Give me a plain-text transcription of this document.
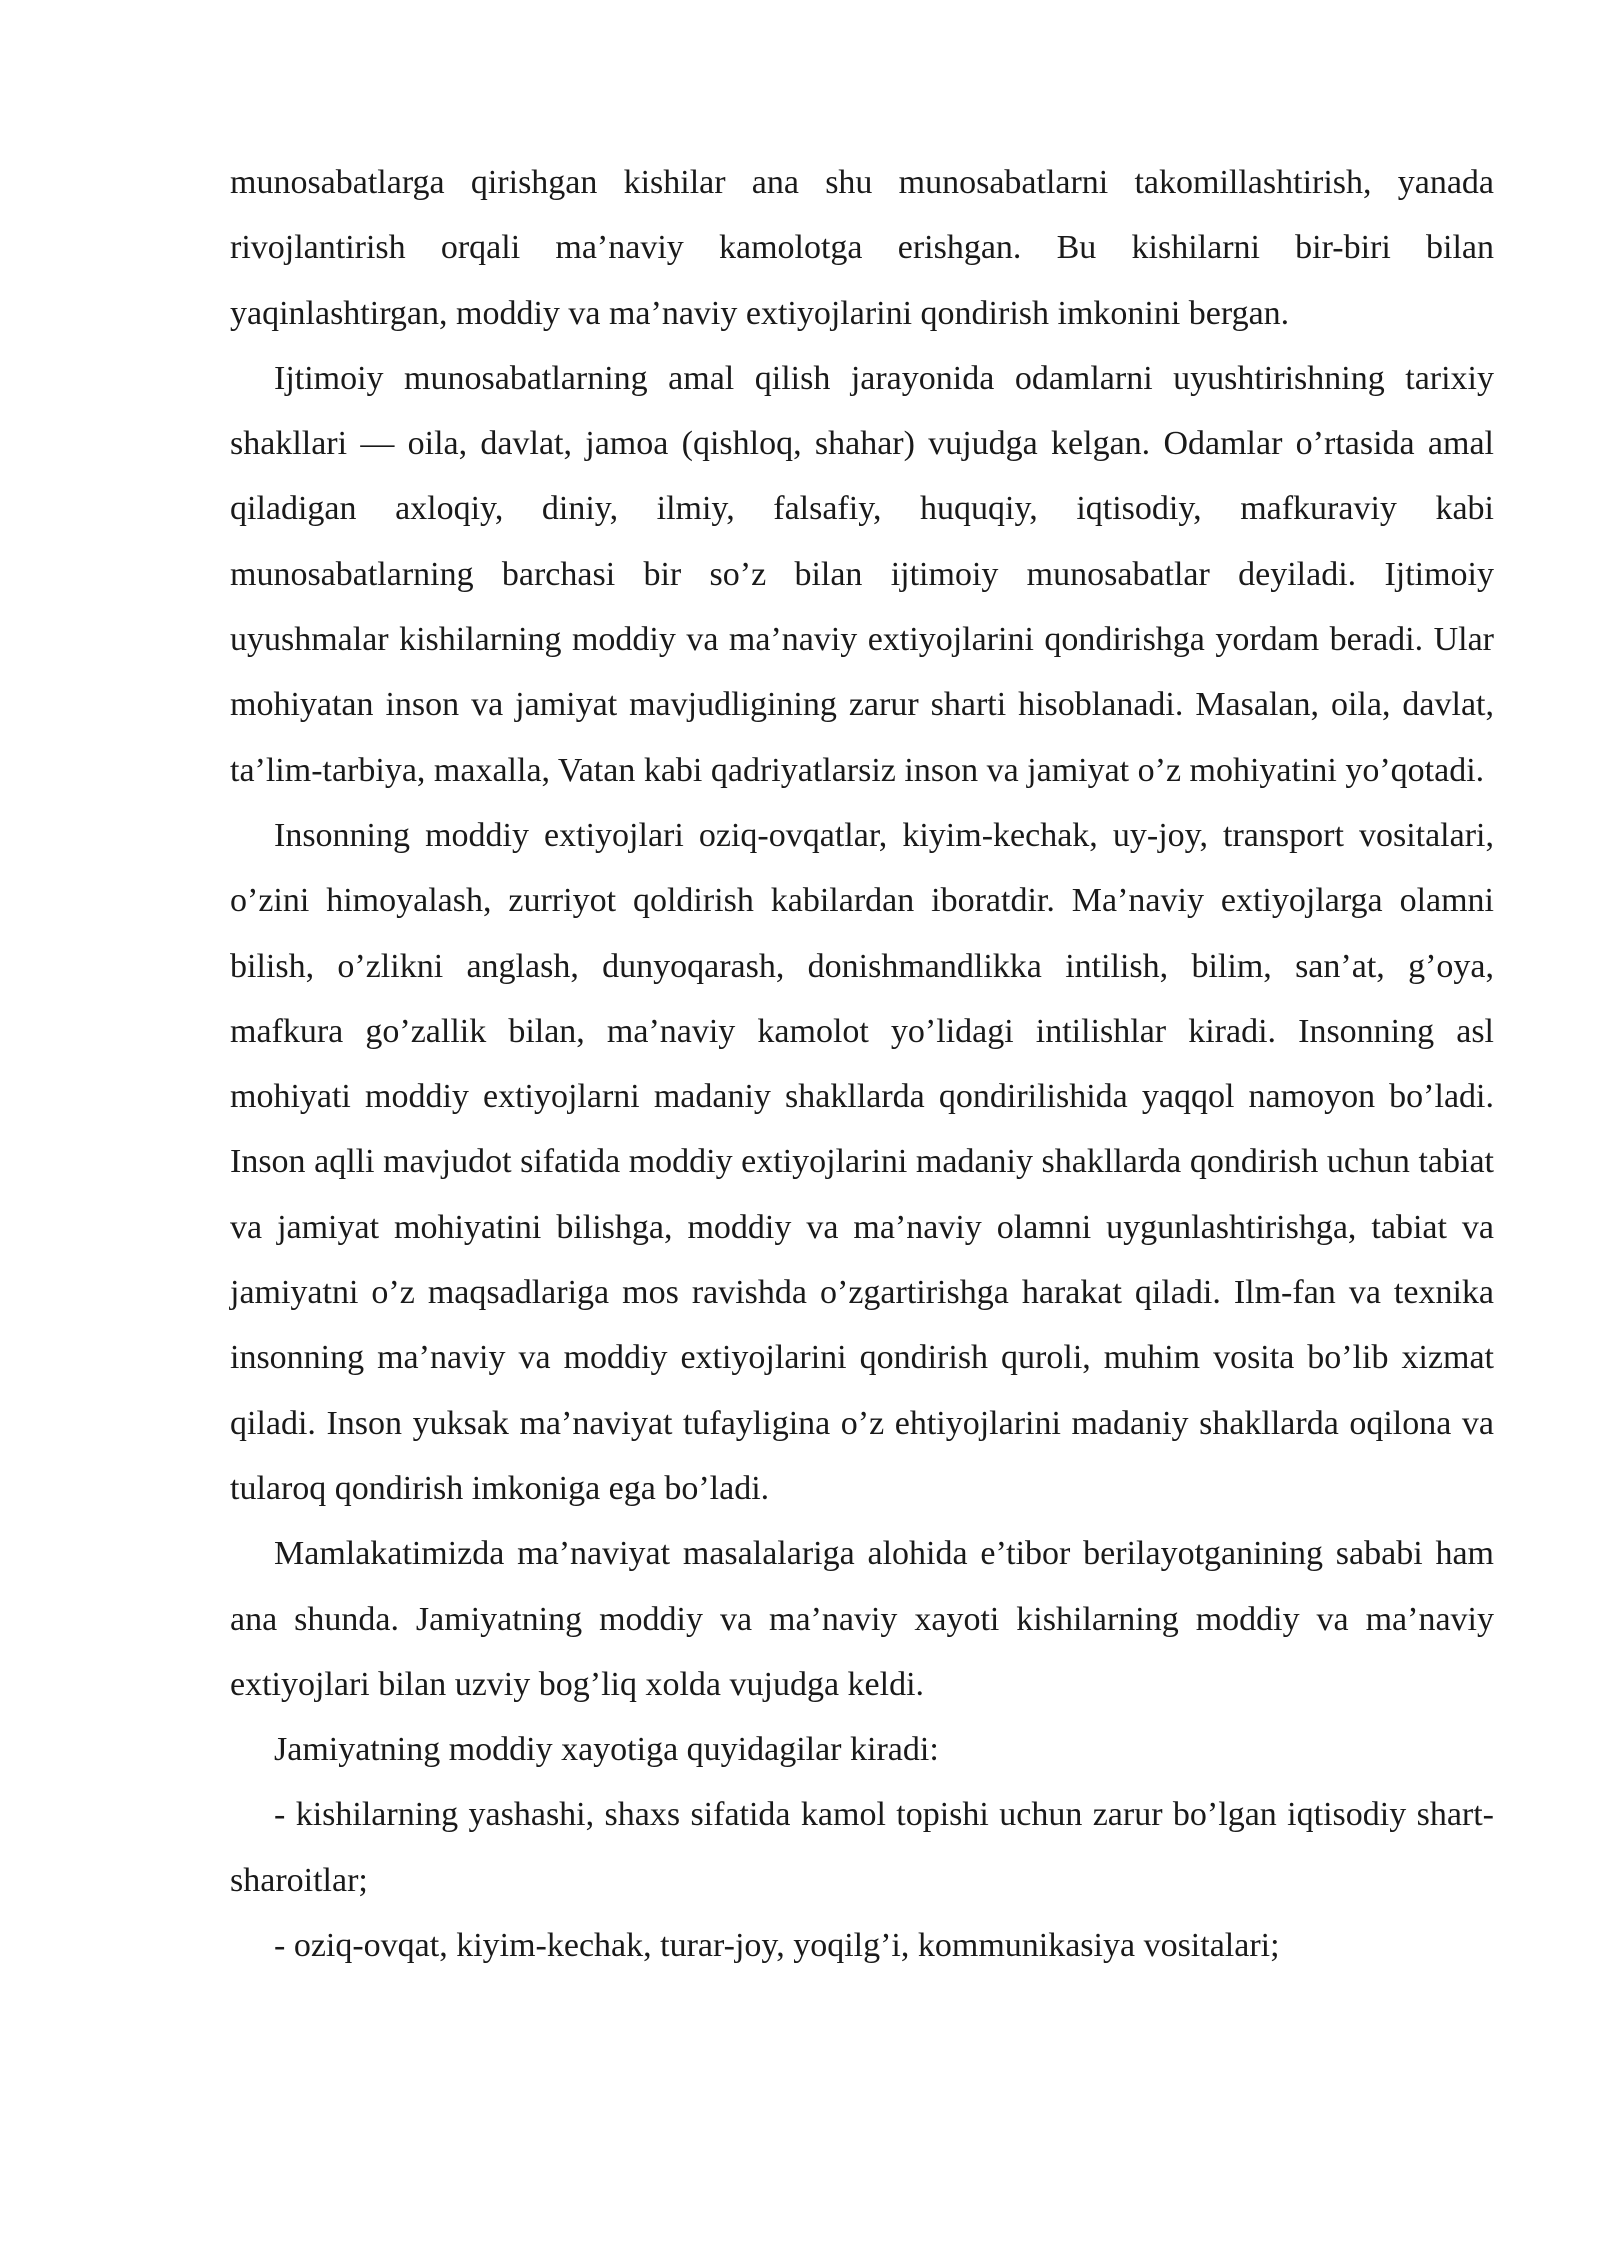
munosabatlarga qirishgan kishilar ana shu munosabatlarni takomillashtirish, yanada rivojlantirish orqali ma’naviy kamolotga erishgan. Bu kishilarni bir-biri bilan yaqinlashtirgan, moddiy va ma’naviy extiyojlarini qondirish imkonini bergan.

Ijtimoiy munosabatlarning amal qilish jarayonida odamlarni uyushtirishning tarixiy shakllari — oila, davlat, jamoa (qishloq, shahar) vujudga kelgan. Odamlar o’rtasida amal qiladigan axloqiy, diniy, ilmiy, falsafiy, huquqiy, iqtisodiy, mafkuraviy kabi munosabatlarning barchasi bir so’z bilan ijtimoiy munosabatlar deyiladi. Ijtimoiy uyushmalar kishilarning moddiy va ma’naviy extiyojlarini qondirishga yordam beradi. Ular mohiyatan inson va jamiyat mavjudligining zarur sharti hisoblanadi. Masalan, oila, davlat, ta’lim-tarbiya, maxalla, Vatan kabi qadriyatlarsiz inson va jamiyat o’z mohiyatini yo’qotadi.

Insonning moddiy extiyojlari oziq-ovqatlar, kiyim-kechak, uy-joy, transport vositalari, o’zini himoyalash, zurriyot qoldirish kabilardan iboratdir. Ma’naviy extiyojlarga olamni bilish, o’zlikni anglash, dunyoqarash, donishmandlikka intilish, bilim, san’at, g’oya, mafkura go’zallik bilan, ma’naviy kamolot yo’lidagi intilishlar kiradi. Insonning asl mohiyati moddiy extiyojlarni madaniy shakllarda qondirilishida yaqqol namoyon bo’ladi. Inson aqlli mavjudot sifatida moddiy extiyojlarini madaniy shakllarda qondirish uchun tabiat va jamiyat mohiyatini bilishga, moddiy va ma’naviy olamni uygunlashtirishga, tabiat va jamiyatni o’z maqsadlariga mos ravishda o’zgartirishga harakat qiladi. Ilm-fan va texnika insonning ma’naviy va moddiy extiyojlarini qondirish quroli, muhim vosita bo’lib xizmat qiladi. Inson yuksak ma’naviyat tufayligina o’z ehtiyojlarini madaniy shakllarda oqilona va tularoq qondirish imkoniga ega bo’ladi.

Mamlakatimizda ma’naviyat masalalariga alohida e’tibor berilayotganining sababi ham ana shunda. Jamiyatning moddiy va ma’naviy xayoti kishilarning moddiy va ma’naviy extiyojlari bilan uzviy bog’liq xolda vujudga keldi.

Jamiyatning moddiy xayotiga quyidagilar kiradi:

- kishilarning yashashi, shaxs sifatida kamol topishi uchun zarur bo’lgan iqtisodiy shart-sharoitlar;

- oziq-ovqat, kiyim-kechak, turar-joy, yoqilg’i, kommunikasiya vositalari;
